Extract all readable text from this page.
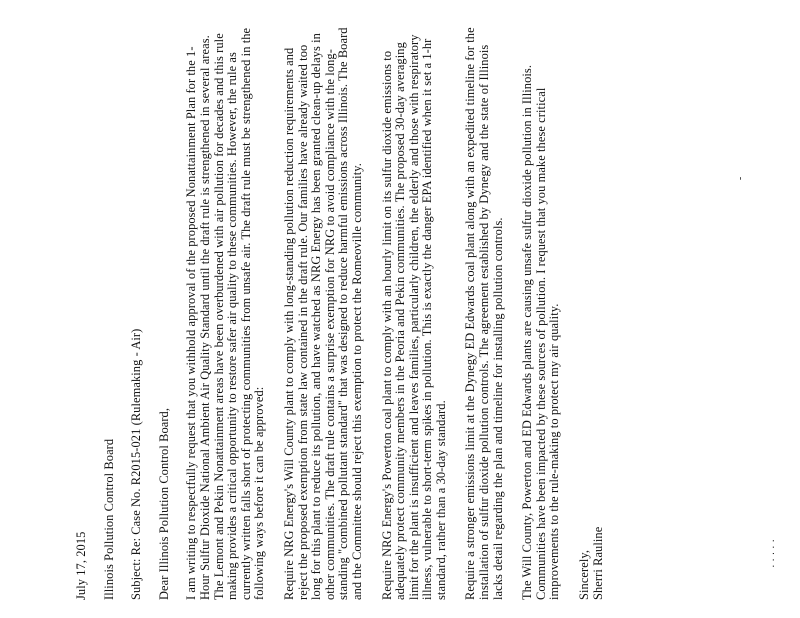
July 17, 2015 Illinois Pollution Control Board Subject: Re: Case No. R2015-021 (Rulemaking - Air) Dear Illinois Pollution Control Board, I am writing to respectfully request that you withhold approval of the proposed Nonattainment Plan for the 1-Hour Sulfur Dioxide National Ambient Air Quality Standard until the draft rule is strengthened in several areas. The Lemont and Pekin Nonattainment areas have been overburdened with air pollution for decades and this rule making provides a critical opportunity to restore safer air quality to these communities. However, the rule as currently written falls short of protecting communities from unsafe air. The draft rule must be strengthened in the following ways before it can be approved: Require NRG Energy's Will County plant to comply with long-standing pollution reduction requirements and reject the proposed exemption from state law contained in the draft rule. Our families have already waited too long for this plant to reduce its pollution, and have watched as NRG Energy has been granted clean-up delays in other communities. The draft rule contains a surprise exemption for NRG to avoid compliance with the long-standing "combined pollutant standard" that was designed to reduce harmful emissions across Illinois. The Board and the Committee should reject this exemption to protect the Romeoville community. Require NRG Energy's Powerton coal plant to comply with an hourly limit on its sulfur dioxide emissions to adequately protect community members in the Peoria and Pekin communities. The proposed 30-day averaging limit for the plant is insufficient and leaves families, particularly children, the elderly and those with respiratory illness, vulnerable to short-term spikes in pollution. This is exactly the danger EPA identified when it set a 1-hr standard, rather than a 30-day standard. Require a stronger emissions limit at the Dynegy ED Edwards coal plant along with an expedited timeline for the installation of sulfur dioxide pollution controls. The agreement established by Dynegy and the state of Illinois lacks detail regarding the plan and timeline for installing pollution controls. The Will County, Powerton and ED Edwards plants are causing unsafe sulfur dioxide pollution in Illinois. Communities have been impacted by these sources of pollution. I request that you make these critical improvements to the rule-making to protect my air quality. Sincerely, Sherri Rauline

-
· · · · ·
